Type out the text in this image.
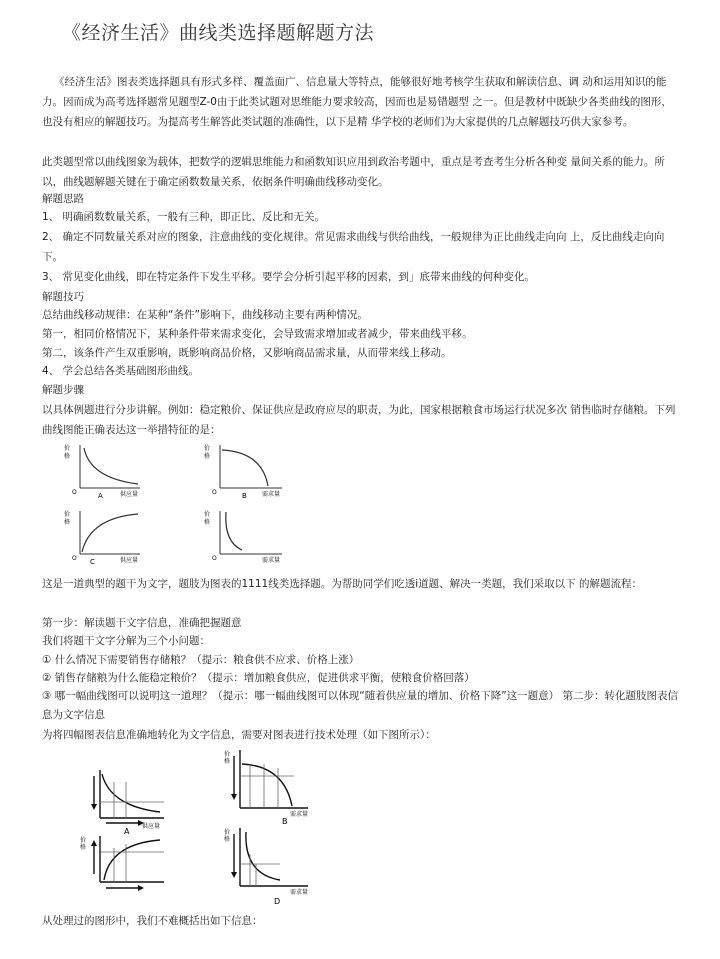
《经济生活》曲线类选择题解题方法

《经济生活》图表类选择题具有形式多样、覆盖面广、信息量大等特点，能够很好地考核学生获取和解读信息、调 动和运用知识的能力。因而成为高考选择题常见题型Z-0由于此类试题对思维能力要求较高，因而也是易错题型 之一。但是教材中既缺少各类曲线的图形，也没有相应的解题技巧。为提高考生解答此类试题的准确性，以下是精 华学校的老师们为大家提供的几点解题技巧供大家参考。

此类题型常以曲线图象为载体，把数学的逻辑思维能力和函数知识应用到政治考题中，重点是考查考生分析各种变 量间关系的能力。所以，曲线题解题关键在于确定函数数量关系，依据条件明确曲线移动变化。

解题思路
1、 明确函数数量关系，一般有三种，即正比、反比和无关。
2、 确定不同数量关系对应的图象，注意曲线的变化规律。常见需求曲线与供给曲线，一般规律为正比曲线走向向 上，反比曲线走向向下。
3、 常见变化曲线，即在特定条件下发生平移。要学会分析引起平移的因素，到」底带来曲线的何种变化。
解题技巧
总结曲线移动规律：在某种“条件”影响下，曲线移动主要有两种情况。
第一，相同价格情况下，某种条件带来需求变化，会导致需求增加或者减少，带来曲线平移。
第二，该条件产生双重影响，既影响商品价格，又影响商品需求量，从而带来线上移动。
4、 学会总结各类基础图形曲线。
解题步骤
以具体例题进行分步讲解。例如：稳定粮价、保证供应是政府应尽的职责，为此，国家根据粮食市场运行状况多次 销售临时存储粮。下列曲线图能正确表达这一举措特征的是：
价
格
O	供应量
A
价
格
O	供应量
C
价
格
O	需求量
B
价
格
O	需求量
这是一道典型的题干为文字，题肢为图表的1111线类选择题。为帮助同学们吃透i道题、解决一类题，我们采取以下 的解题流程：
第一步：解读题干文字信息，准确把握题意
我们将题干文字分解为三个小问题：
① 什么情况下需要销售存储粮？（提示：粮食供不应求、价格上涨）
② 销售存储粮为什么能稳定粮价？（提示：增加粮食供应，促进供求平衡，使粮食价格回落）
③ 哪一幅曲线图可以说明这一道理？（提示：哪一幅曲线图可以体现“随着供应量的增加、价格下降”这一题意） 第二步：转化题肢图表信息为文字信息
为将四幅图表信息准确地转化为文字信息，需要对图表进行技术处理（如下图所示）：
供应量
A
价
格
需求量
B
价
格
价
格
需求量
D
从处理过的图形中，我们不难概括出如下信息：
